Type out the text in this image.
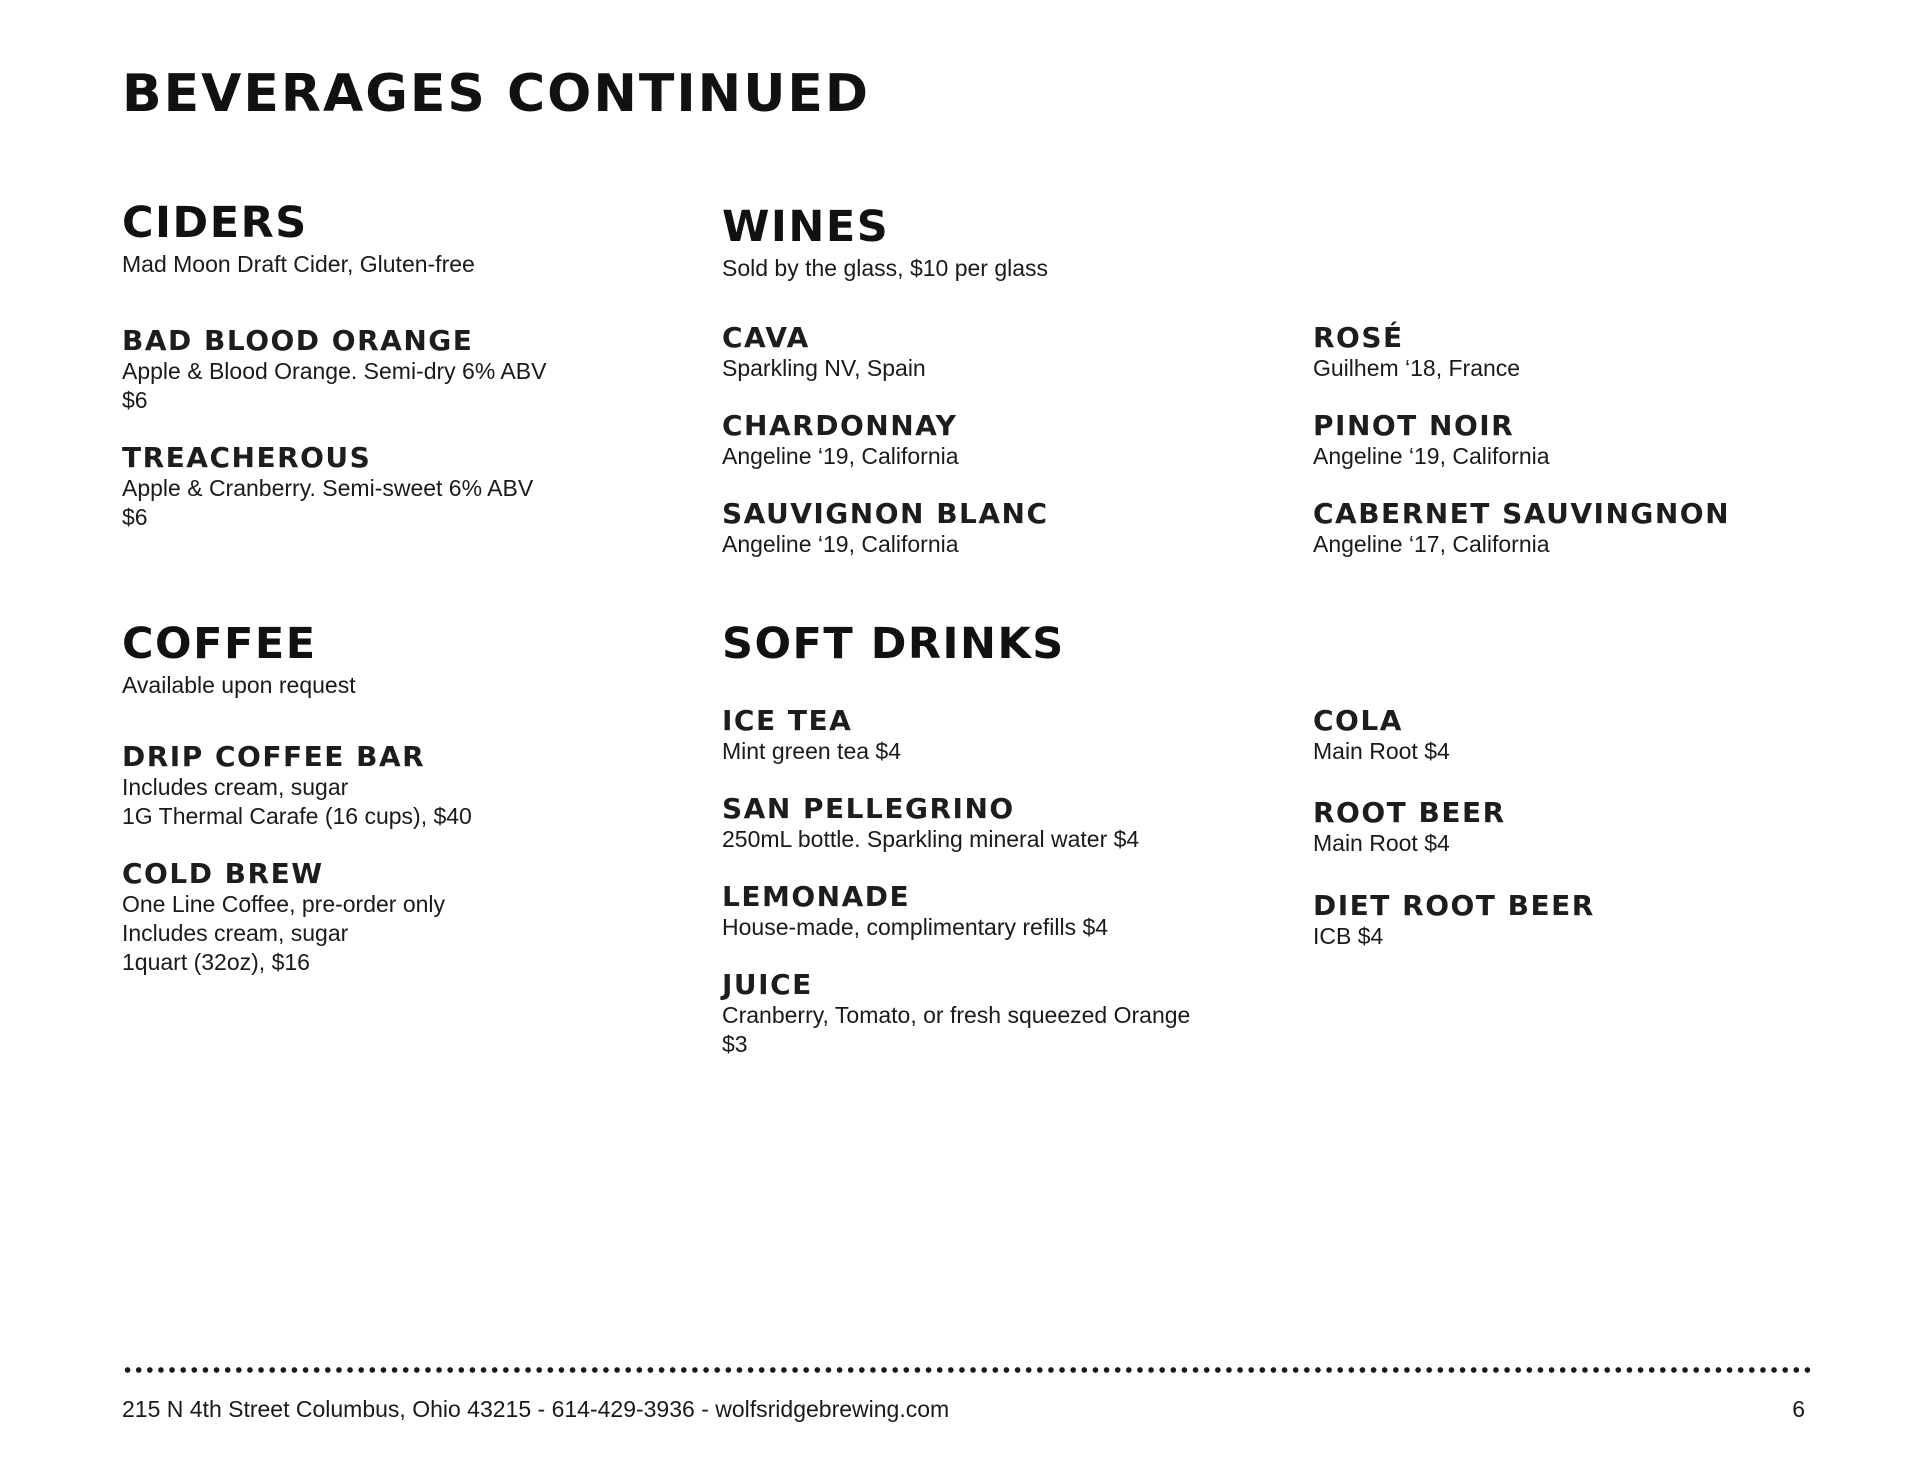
BEVERAGES CONTINUED
CIDERS

Mad Moon Draft Cider, Gluten-free

BAD BLOOD ORANGE

Apple & Blood Orange. Semi-dry 6% ABV

$6

TREACHEROUS

Apple & Cranberry. Semi-sweet 6% ABV

$6

WINES

Sold by the glass, $10 per glass

CAVA

Sparkling NV, Spain

CHARDONNAY

Angeline ‘19, California

SAUVIGNON BLANC

Angeline ‘19, California

ROSÉ

Guilhem ‘18, France

PINOT NOIR

Angeline ‘19, California

CABERNET SAUVINGNON

Angeline ‘17, California

COFFEE

Available upon request

DRIP COFFEE BAR

Includes cream, sugar

1G Thermal Carafe (16 cups), $40

COLD BREW

One Line Coffee, pre-order only

Includes cream, sugar

1quart (32oz), $16

SOFT DRINKS

ICE TEA

Mint green tea $4

SAN PELLEGRINO

250mL bottle. Sparkling mineral water $4

LEMONADE

House-made, complimentary refills $4

JUICE

Cranberry, Tomato, or fresh squeezed Orange

$3

COLA

Main Root $4

ROOT BEER

Main Root $4

DIET ROOT BEER

ICB $4

215 N 4th Street Columbus, Ohio 43215 - 614-429-3936 - wolfsridgebrewing.com	6
